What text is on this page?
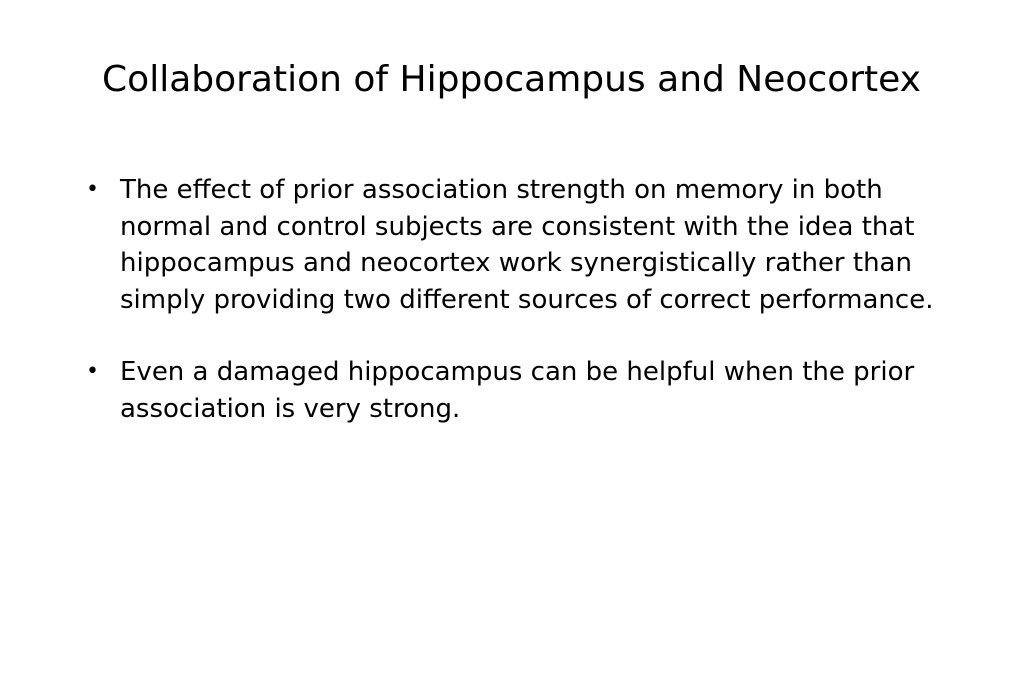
Collaboration of Hippocampus and Neocortex
• The effect of prior association strength on memory in both normal and control subjects are consistent with the idea that hippocampus and neocortex work synergistically rather than simply providing two different sources of correct performance.
• Even a damaged hippocampus can be helpful when the prior association is very strong.
